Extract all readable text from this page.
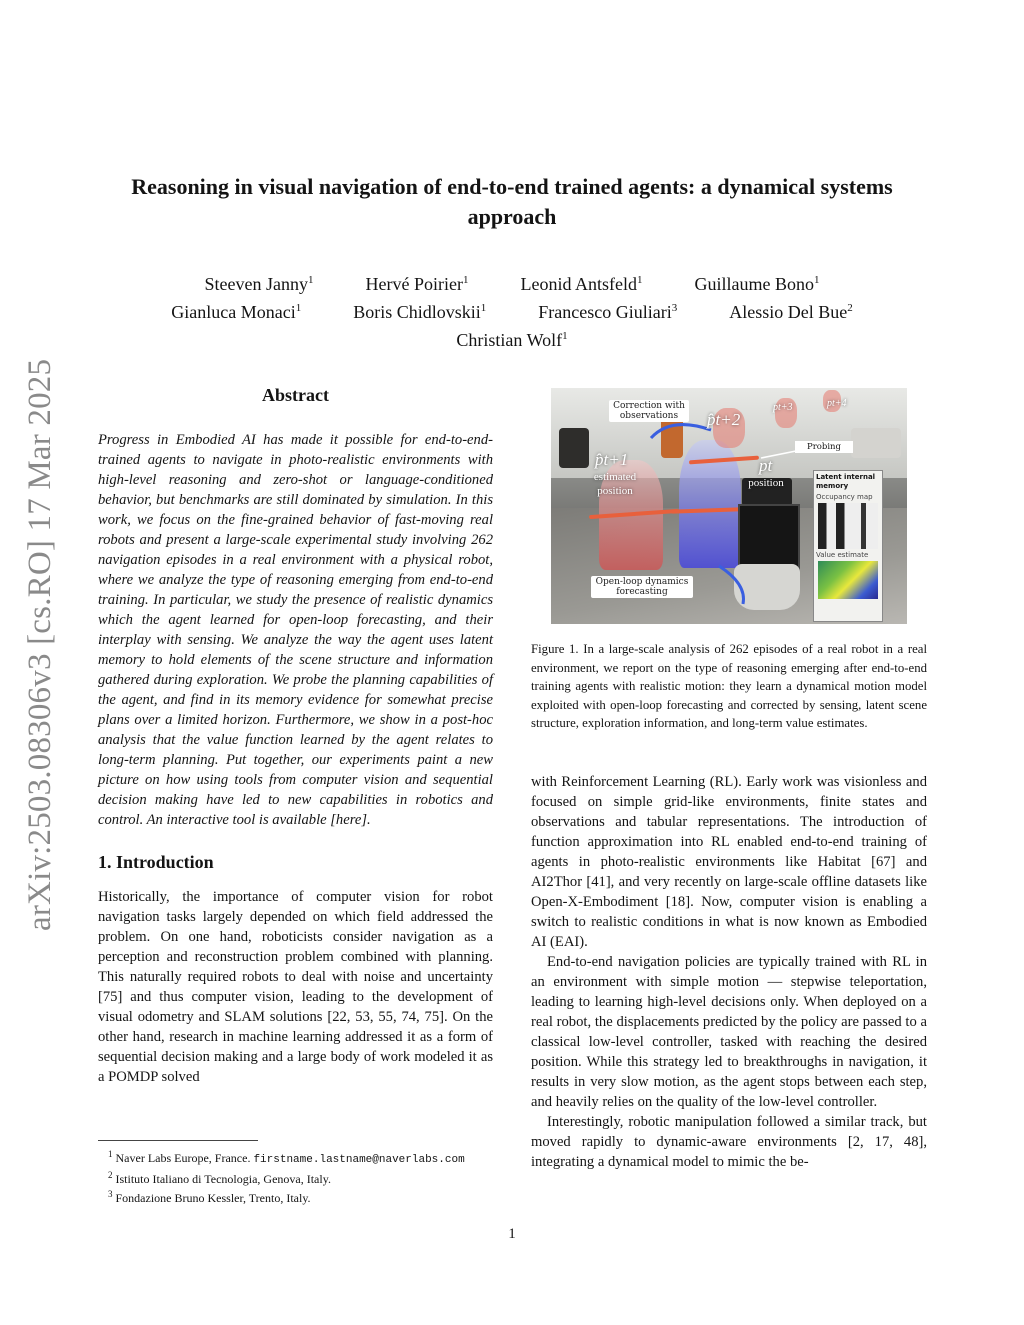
arXiv:2503.08306v3 [cs.RO] 17 Mar 2025
Reasoning in visual navigation of end-to-end trained agents: a dynamical systems approach
Steeven Janny$^1$	Hervé Poirier$^1$	Leonid Antsfeld$^1$	Guillaume Bono$^1$
Gianluca Monaci$^1$	Boris Chidlovskii$^1$	Francesco Giuliari$^3$	Alessio Del Bue$^2$
Christian Wolf$^1$
Abstract

Progress in Embodied AI has made it possible for end-to-end-trained agents to navigate in photo-realistic environments with high-level reasoning and zero-shot or language-conditioned behavior, but benchmarks are still dominated by simulation. In this work, we focus on the fine-grained behavior of fast-moving real robots and present a large-scale experimental study involving 262 navigation episodes in a real environment with a physical robot, where we analyze the type of reasoning emerging from end-to-end training. In particular, we study the presence of realistic dynamics which the agent learned for open-loop forecasting, and their interplay with sensing. We analyze the way the agent uses latent memory to hold elements of the scene structure and information gathered during exploration. We probe the planning capabilities of the agent, and find in its memory evidence for somewhat precise plans over a limited horizon. Furthermore, we show in a post-hoc analysis that the value function learned by the agent relates to long-term planning. Put together, our experiments paint a new picture on how using tools from computer vision and sequential decision making have led to new capabilities in robotics and control. An interactive tool is available [here].

1. Introduction

Historically, the importance of computer vision for robot navigation tasks largely depended on which field addressed the problem. On one hand, roboticists consider navigation as a perception and reconstruction problem combined with planning. This naturally required robots to deal with noise and uncertainty [75] and thus computer vision, leading to the development of visual odometry and SLAM solutions [22, 53, 55, 74, 75]. On the other hand, research in machine learning addressed it as a form of sequential decision making and a large body of work modeled it as a POMDP solved

Correction with observations
Open-loop dynamics forecasting
Probing
p̂t+1
p̂t+2
pt
pt+3	pt+4
estimated position
position	Latent internal memory
Occupancy map
Value estimate
Figure 1. In a large-scale analysis of 262 episodes of a real robot in a real environment, we report on the type of reasoning emerging after end-to-end training agents with realistic motion: they learn a dynamical motion model exploited with open-loop forecasting and corrected by sensing, latent scene structure, exploration information, and long-term value estimates.

with Reinforcement Learning (RL). Early work was visionless and focused on simple grid-like environments, finite states and observations and tabular representations. The introduction of function approximation into RL enabled end-to-end training of agents in photo-realistic environments like Habitat [67] and AI2Thor [41], and very recently on large-scale offline datasets like Open-X-Embodiment [18]. Now, computer vision is enabling a switch to realistic conditions in what is now known as Embodied AI (EAI).

End-to-end navigation policies are typically trained with RL in an environment with simple motion — stepwise teleportation, leading to learning high-level decisions only. When deployed on a real robot, the displacements predicted by the policy are passed to a classical low-level controller, tasked with reaching the desired position. While this strategy led to breakthroughs in navigation, it results in very slow motion, as the agent stops between each step, and heavily relies on the quality of the low-level controller.

Interestingly, robotic manipulation followed a similar track, but moved rapidly to dynamic-aware environments [2, 17, 48], integrating a dynamical model to mimic the be-

$^1$ Naver Labs Europe, France. firstname.lastname@naverlabs.com
$^2$ Istituto Italiano di Tecnologia, Genova, Italy.
$^3$ Fondazione Bruno Kessler, Trento, Italy.
1
